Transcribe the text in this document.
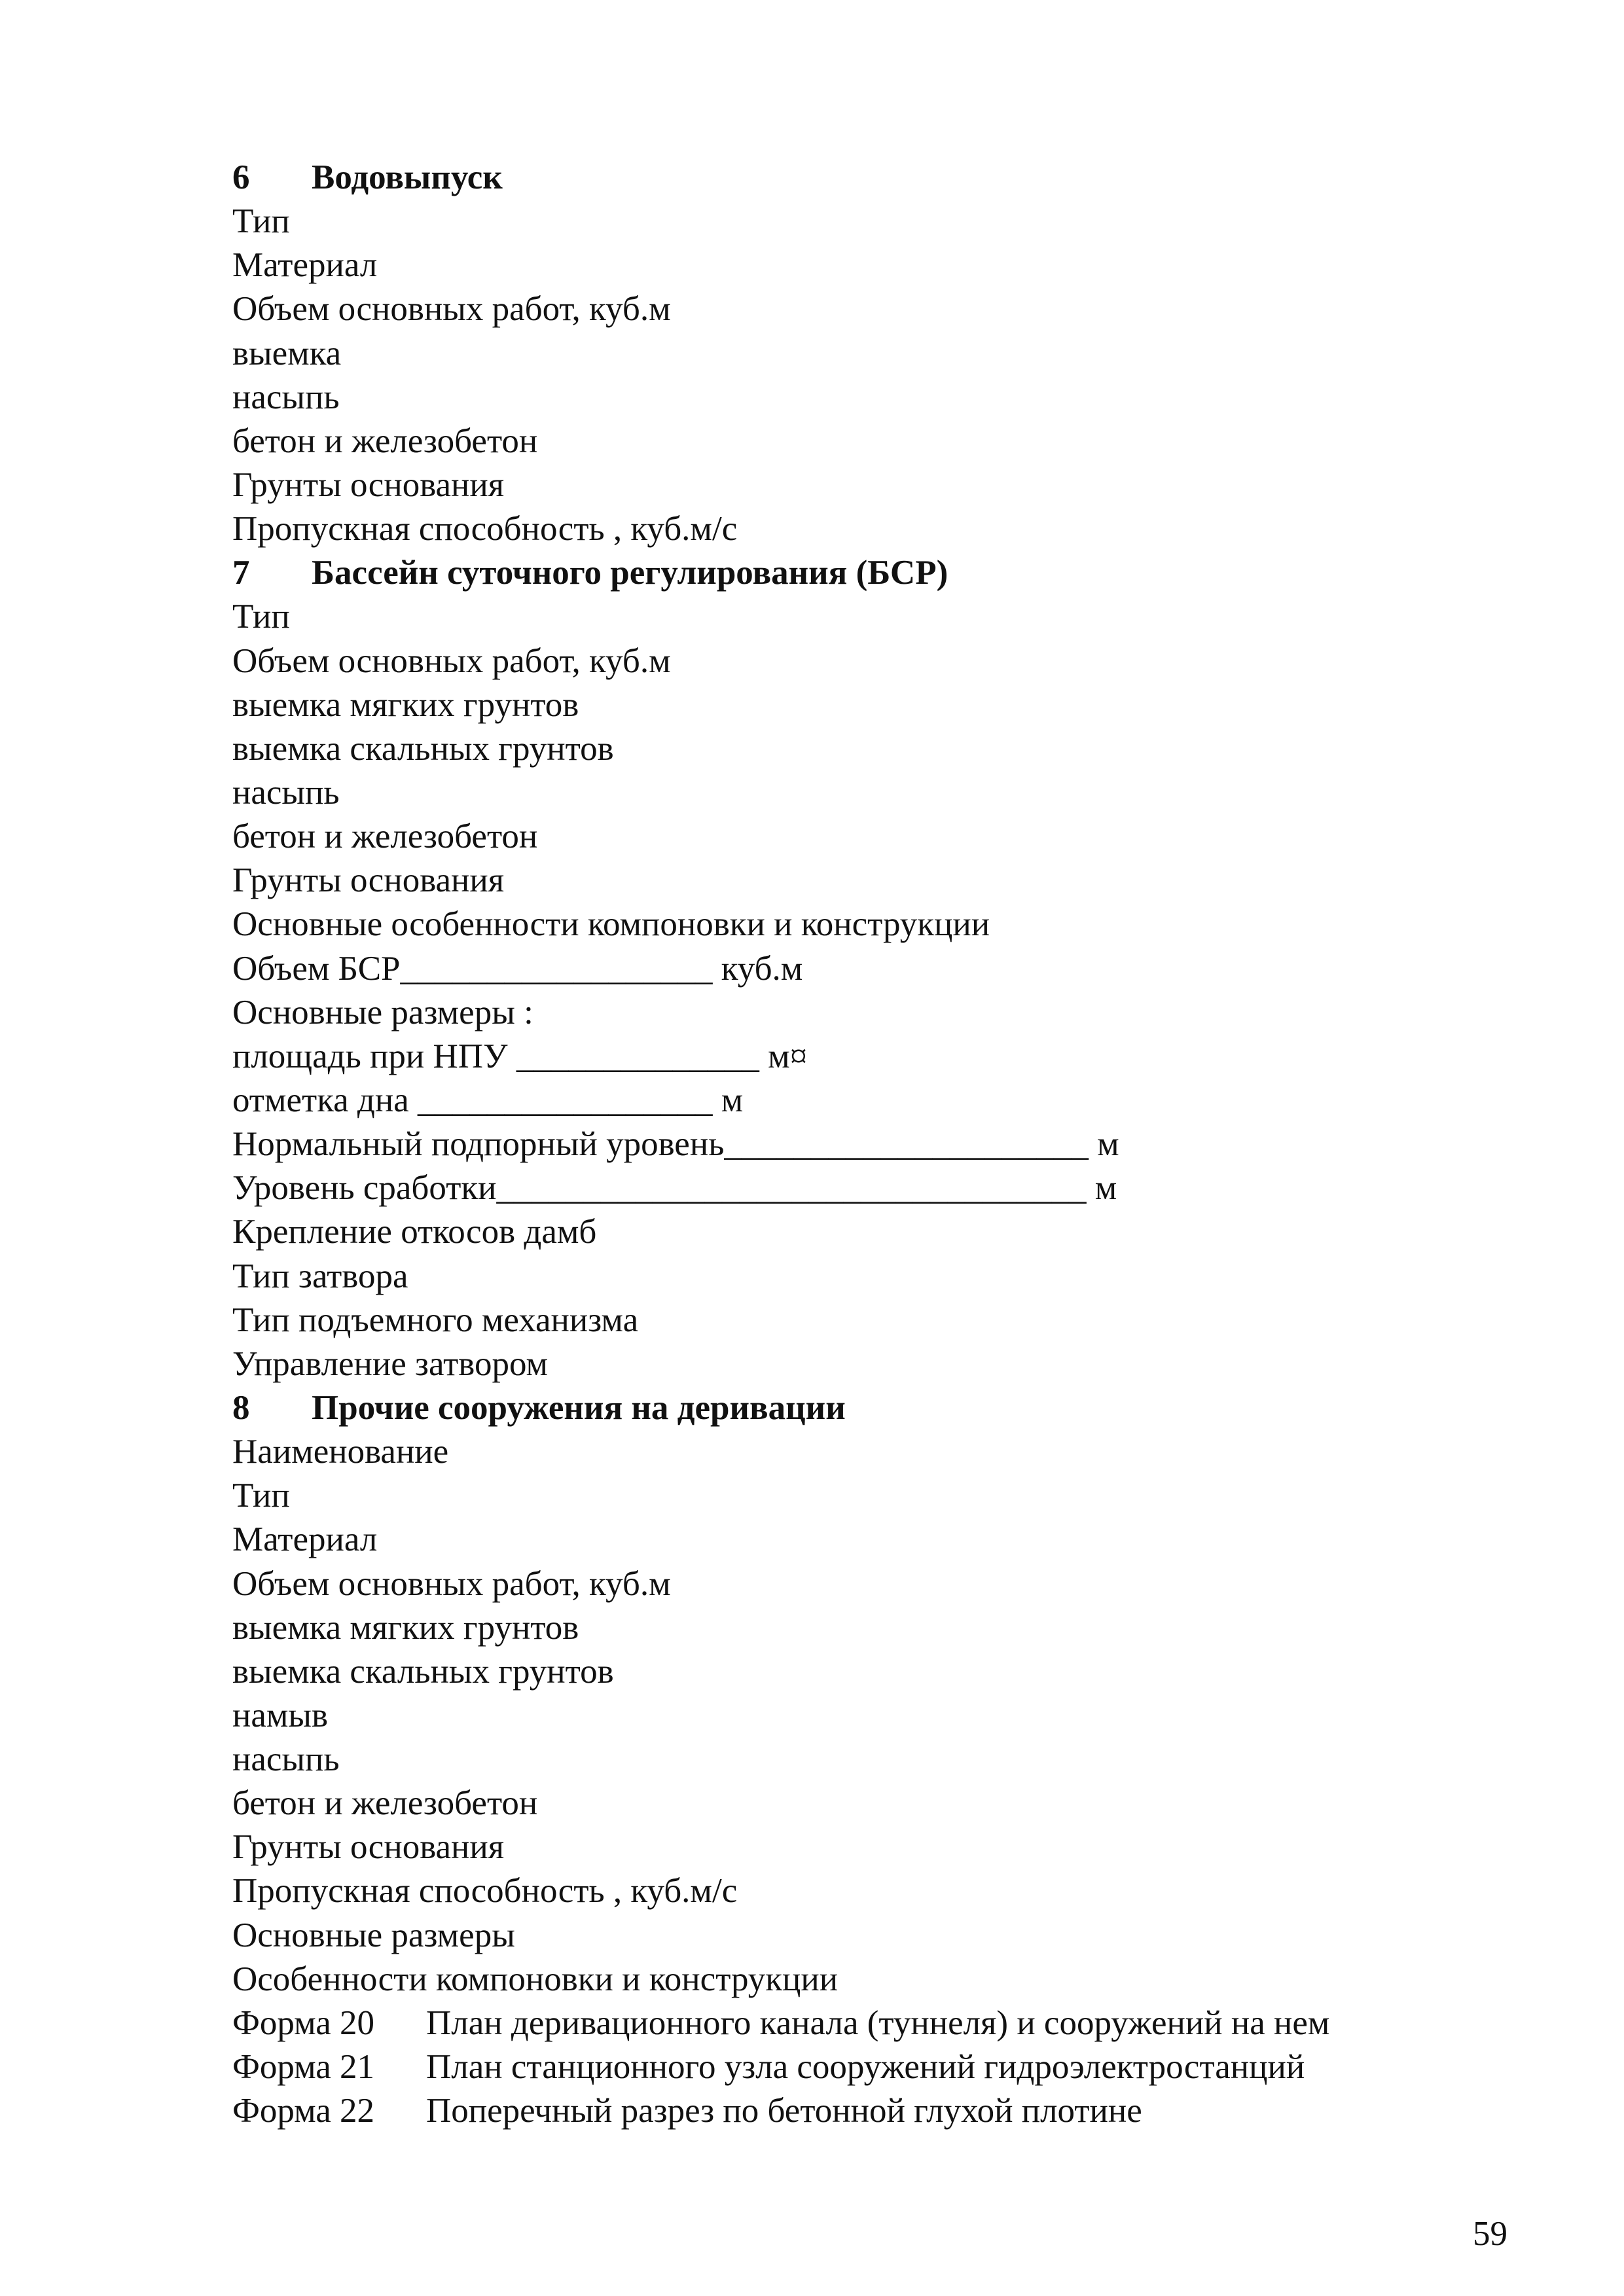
6 Водовыпуск
Тип
Материал
Объем основных работ, куб.м
выемка
насыпь
бетон и железобетон
Грунты основания
Пропускная способность , куб.м/с
7 Бассейн суточного регулирования (БСР)
Тип
Объем основных работ, куб.м
выемка мягких грунтов
выемка скальных грунтов
насыпь
бетон и железобетон
Грунты основания
Основные особенности компоновки и конструкции
Объем БСР__________________ куб.м
Основные размеры :
площадь при НПУ ______________ м¤
отметка дна _________________ м
Нормальный подпорный уровень_____________________ м
Уровень сработки__________________________________ м
Крепление откосов дамб
Тип затвора
Тип подъемного механизма
Управление затвором
8 Прочие сооружения на деривации
Наименование
Тип
Материал
Объем основных работ, куб.м
выемка мягких грунтов
выемка скальных грунтов
намыв
насыпь
бетон и железобетон
Грунты основания
Пропускная способность , куб.м/с
Основные размеры
Особенности компоновки и конструкции
Форма 20 План деривационного канала (туннеля) и сооружений на нем
Форма 21 План станционного узла сооружений гидроэлектростанций
Форма 22 Поперечный разрез по бетонной глухой плотине
59
